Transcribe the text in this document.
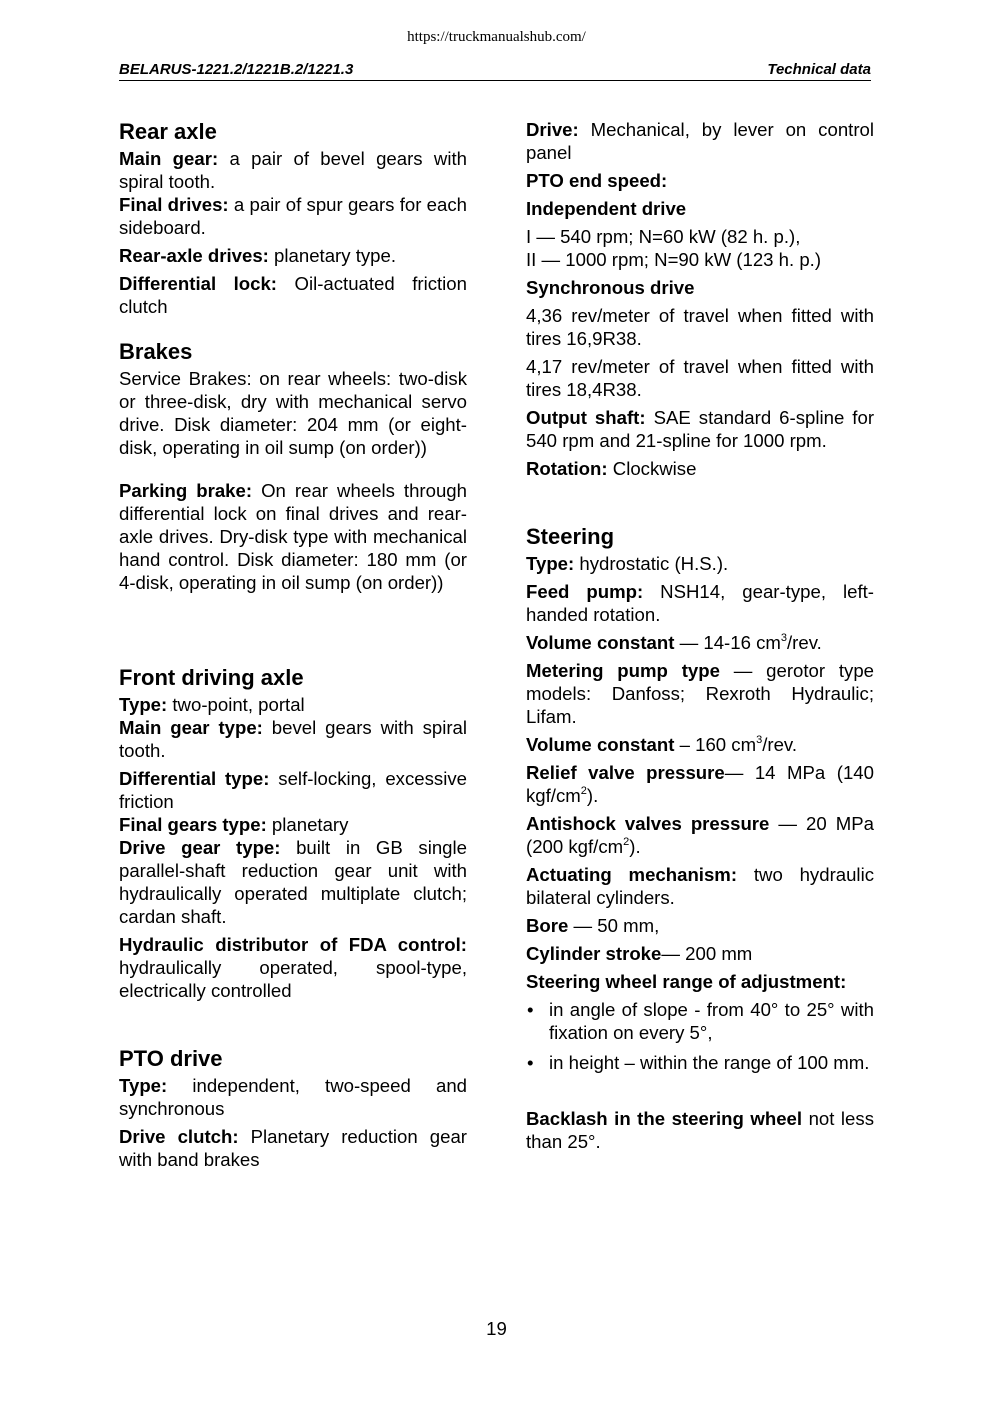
https://truckmanualshub.com/
BELARUS-1221.2/1221B.2/1221.3	Technical data
Rear axle

Main gear: a pair of bevel gears with spiral tooth.

Final drives: a pair of spur gears for each sideboard.

Rear-axle drives: planetary type.

Differential lock: Oil-actuated friction clutch

Brakes

Service Brakes: on rear wheels: two-disk or three-disk, dry with mechanical servo drive. Disk diameter: 204 mm (or eight-disk, operating in oil sump (on order))

Parking brake: On rear wheels through differential lock on final drives and rear-axle drives. Dry-disk type with mechanical hand control. Disk diameter: 180 mm (or 4-disk, operating in oil sump (on order))

Front driving axle

Type: two-point, portal

Main gear type: bevel gears with spiral tooth.

Differential type: self-locking, excessive friction

Final gears type: planetary

Drive gear type: built in GB single parallel-shaft reduction gear unit with hydraulically operated multiplate clutch; cardan shaft.

Hydraulic distributor of FDA control: hydraulically operated, spool-type, electrically controlled

PTO drive

Type: independent, two-speed and synchronous

Drive clutch: Planetary reduction gear with band brakes

Drive: Mechanical, by lever on control panel

PTO end speed:

Independent drive

I — 540 rpm; N=60 kW (82 h. p.),
II — 1000 rpm; N=90 kW (123 h. p.)

Synchronous drive

4,36 rev/meter of travel when fitted with tires 16,9R38.

4,17 rev/meter of travel when fitted with tires 18,4R38.

Output shaft: SAE standard 6-spline for 540 rpm and 21-spline for 1000 rpm.

Rotation: Clockwise

Steering

Type: hydrostatic (H.S.).

Feed pump: NSH14, gear-type, left-handed rotation.

Volume constant — 14-16 $cm^3$/rev.

Metering pump type — gerotor type models: Danfoss; Rexroth Hydraulic; Lifam.

Volume constant – 160 $cm^3$/rev.

Relief valve pressure— 14 MPa (140 kgf/$cm^2$).

Antishock valves pressure — 20 MPa (200 kgf/$cm^2$).

Actuating mechanism: two hydraulic bilateral cylinders.

Bore — 50 mm,

Cylinder stroke— 200 mm

Steering wheel range of adjustment:

• in angle of slope - from 40° to 25° with fixation on every 5°,
• in height – within the range of 100 mm.

Backlash in the steering wheel not less than 25°.

19
